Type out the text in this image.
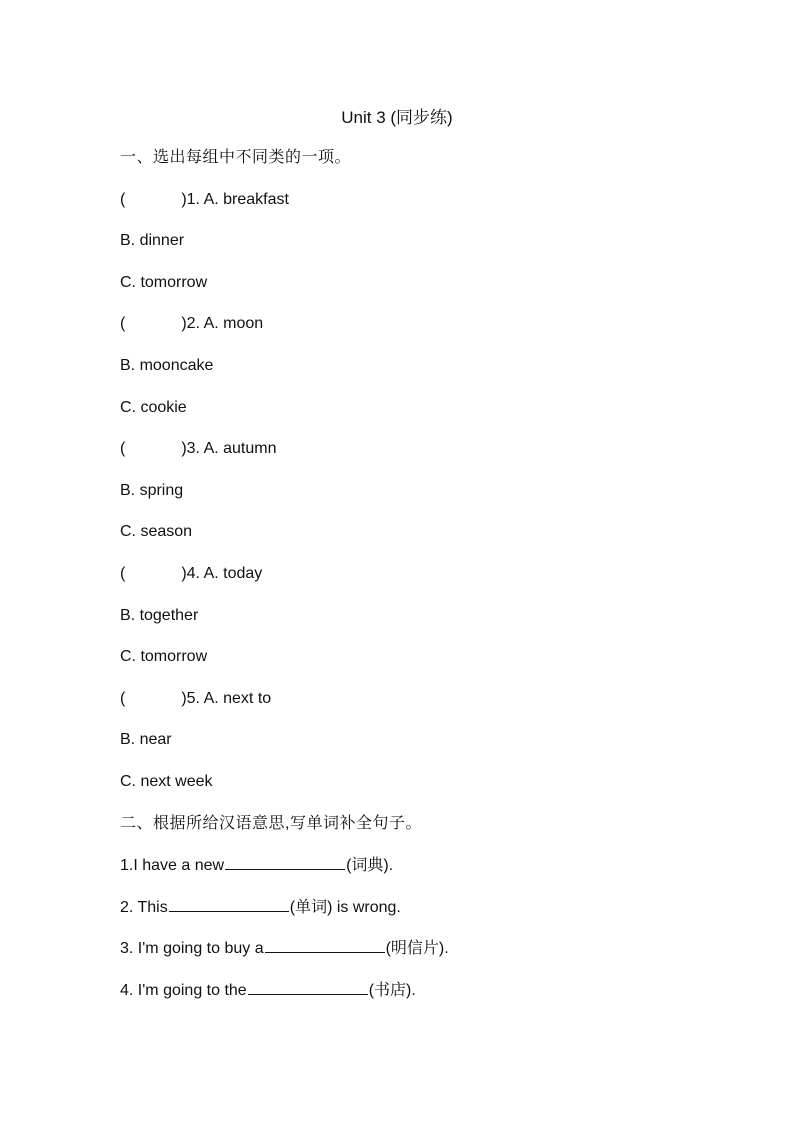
Unit 3 (同步练)
一、选出每组中不同类的一项。
(	)1. A. breakfast
B. dinner
C. tomorrow
(	)2. A. moon
B. mooncake
C. cookie
(	)3. A. autumn
B. spring
C. season
(	)4. A. today
B. together
C. tomorrow
(	)5. A. next to
B. near
C. next week
二、根据所给汉语意思,写单词补全句子。
1.I have a new	(词典).
2. This	(单词) is wrong.
3. I'm going to buy a	(明信片).
4. I'm going to the	(书店).
